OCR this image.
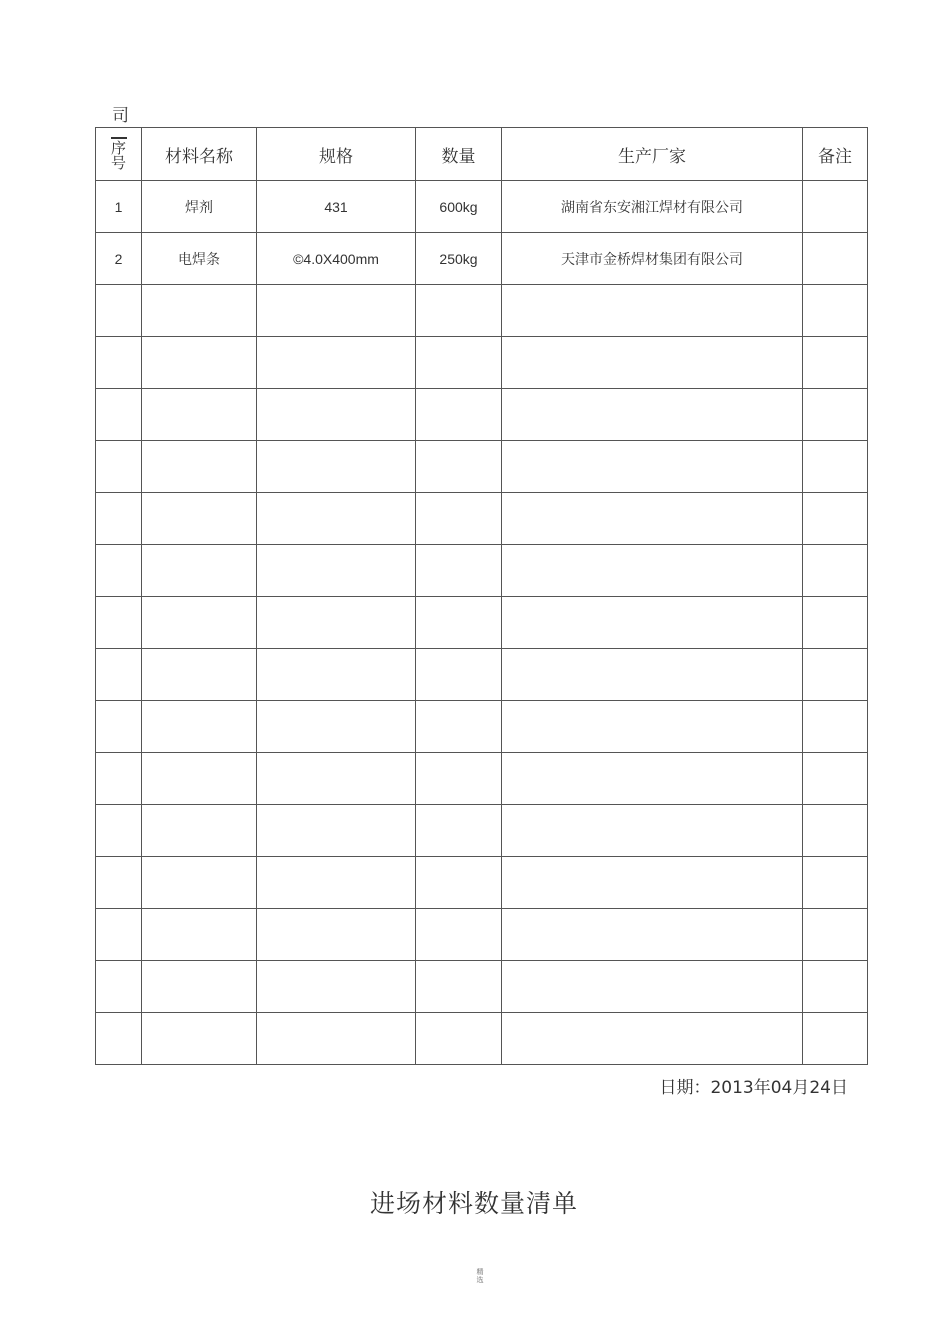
司
序号	材料名称	规格	数量	生产厂家	备注
1	焊剂	431	600kg	湖南省东安湘江焊材有限公司	
2	电焊条	©4.0X400mm	250kg	天津市金桥焊材集团有限公司	

日期：2013年04月24日
进场材料数量清单
精选
